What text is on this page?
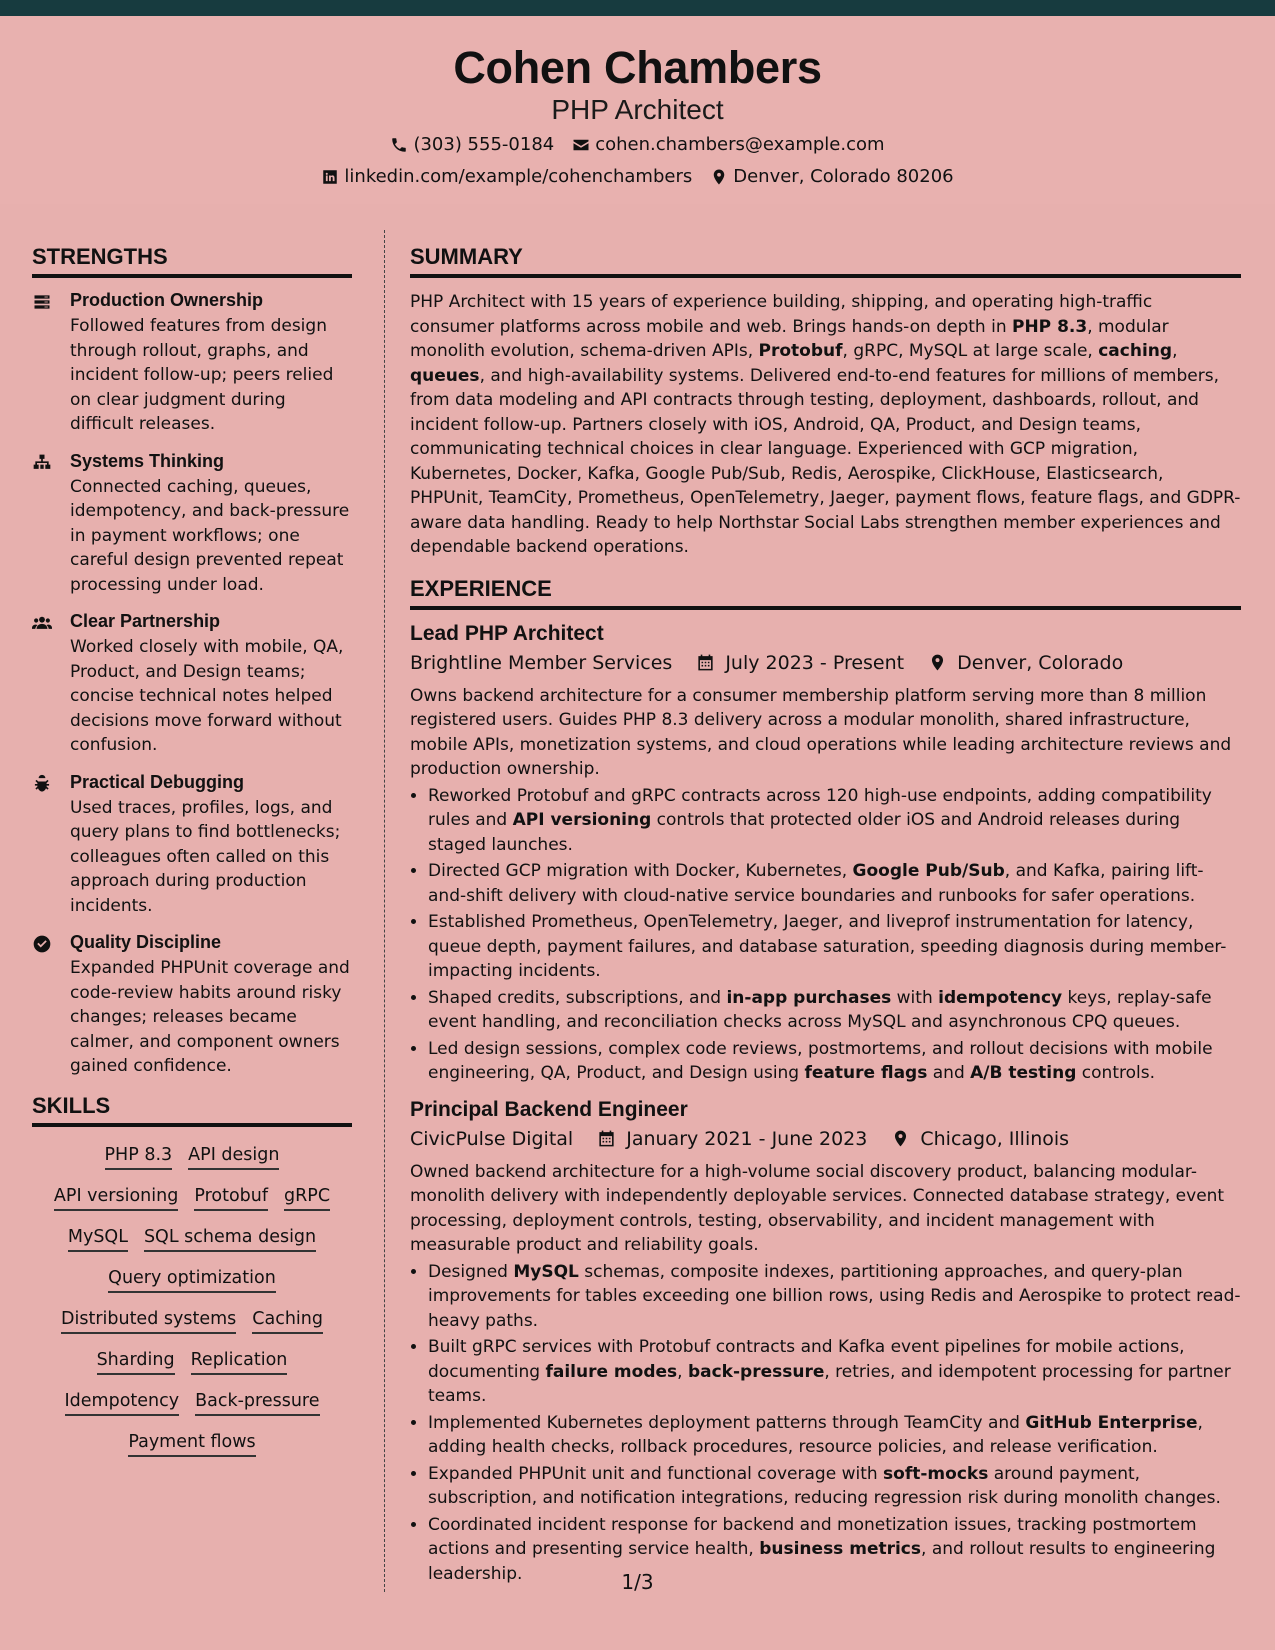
Cohen Chambers
PHP Architect
(303) 555-0184 cohen.chambers@example.com
linkedin.com/example/cohenchambers Denver, Colorado 80206
STRENGTHS
Production Ownership
Followed features from design through rollout, graphs, and incident follow-up; peers relied on clear judgment during difficult releases.
Systems Thinking
Connected caching, queues, idempotency, and back-pressure in payment workflows; one careful design prevented repeat processing under load.
Clear Partnership
Worked closely with mobile, QA, Product, and Design teams; concise technical notes helped decisions move forward without confusion.
Practical Debugging
Used traces, profiles, logs, and query plans to find bottlenecks; colleagues often called on this approach during production incidents.
Quality Discipline
Expanded PHPUnit coverage and code-review habits around risky changes; releases became calmer, and component owners gained confidence.
SKILLS
PHP 8.3 API design
API versioning Protobuf gRPC
MySQL SQL schema design
Query optimization
Distributed systems Caching
Sharding Replication
Idempotency Back-pressure
Payment flows
SUMMARY
PHP Architect with 15 years of experience building, shipping, and operating high-traffic consumer platforms across mobile and web. Brings hands-on depth in PHP 8.3, modular monolith evolution, schema-driven APIs, Protobuf, gRPC, MySQL at large scale, caching, queues, and high-availability systems. Delivered end-to-end features for millions of members, from data modeling and API contracts through testing, deployment, dashboards, rollout, and incident follow-up. Partners closely with iOS, Android, QA, Product, and Design teams, communicating technical choices in clear language. Experienced with GCP migration, Kubernetes, Docker, Kafka, Google Pub/Sub, Redis, Aerospike, ClickHouse, Elasticsearch, PHPUnit, TeamCity, Prometheus, OpenTelemetry, Jaeger, payment flows, feature flags, and GDPR-aware data handling. Ready to help Northstar Social Labs strengthen member experiences and dependable backend operations.
EXPERIENCE
Lead PHP Architect
Brightline Member Services	July 2023 - Present	Denver, Colorado
Owns backend architecture for a consumer membership platform serving more than 8 million registered users. Guides PHP 8.3 delivery across a modular monolith, shared infrastructure, mobile APIs, monetization systems, and cloud operations while leading architecture reviews and production ownership.
• Reworked Protobuf and gRPC contracts across 120 high-use endpoints, adding compatibility rules and API versioning controls that protected older iOS and Android releases during staged launches.
• Directed GCP migration with Docker, Kubernetes, Google Pub/Sub, and Kafka, pairing lift-and-shift delivery with cloud-native service boundaries and runbooks for safer operations.
• Established Prometheus, OpenTelemetry, Jaeger, and liveprof instrumentation for latency, queue depth, payment failures, and database saturation, speeding diagnosis during member-impacting incidents.
• Shaped credits, subscriptions, and in-app purchases with idempotency keys, replay-safe event handling, and reconciliation checks across MySQL and asynchronous CPQ queues.
• Led design sessions, complex code reviews, postmortems, and rollout decisions with mobile engineering, QA, Product, and Design using feature flags and A/B testing controls.
Principal Backend Engineer
CivicPulse Digital	January 2021 - June 2023	Chicago, Illinois
Owned backend architecture for a high-volume social discovery product, balancing modular-monolith delivery with independently deployable services. Connected database strategy, event processing, deployment controls, testing, observability, and incident management with measurable product and reliability goals.
• Designed MySQL schemas, composite indexes, partitioning approaches, and query-plan improvements for tables exceeding one billion rows, using Redis and Aerospike to protect read-heavy paths.
• Built gRPC services with Protobuf contracts and Kafka event pipelines for mobile actions, documenting failure modes, back-pressure, retries, and idempotent processing for partner teams.
• Implemented Kubernetes deployment patterns through TeamCity and GitHub Enterprise, adding health checks, rollback procedures, resource policies, and release verification.
• Expanded PHPUnit unit and functional coverage with soft-mocks around payment, subscription, and notification integrations, reducing regression risk during monolith changes.
• Coordinated incident response for backend and monetization issues, tracking postmortem actions and presenting service health, business metrics, and rollout results to engineering leadership.	1/3
